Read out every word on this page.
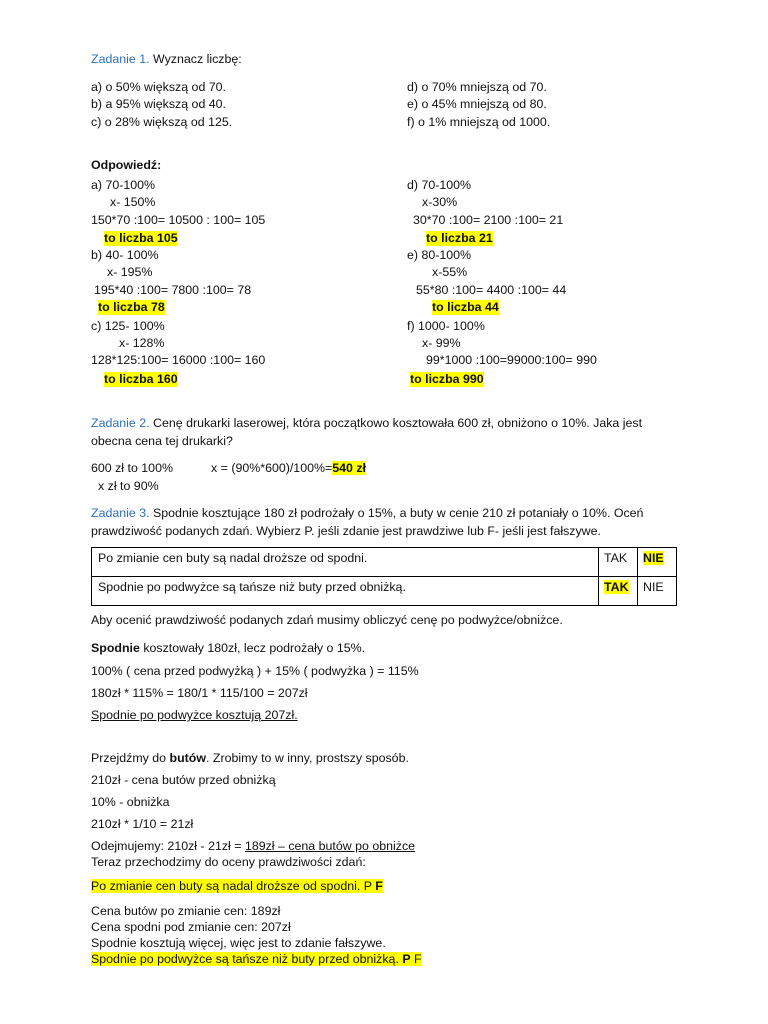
Zadanie 1. Wyznacz liczbę:
a) o 50% większą od 70.
b) a 95% większą od 40.
c) o 28% większą od 125.
d) o 70% mniejszą od 70.
e) o 45% mniejszą od 80.
f) o 1% mniejszą od 1000.
Odpowiedź:
a) 70-100%
x- 150%
150*70 :100= 10500 : 100= 105
to liczba 105
b) 40- 100%
x- 195%
195*40 :100= 7800 :100= 78
to liczba 78
c) 125- 100%
x- 128%
128*125:100= 16000 :100= 160
to liczba 160
d) 70-100%
x-30%
30*70 :100= 2100 :100= 21
to liczba 21
e) 80-100%
x-55%
55*80 :100= 4400 :100= 44
to liczba 44
f) 1000- 100%
x- 99%
99*1000 :100=99000:100= 990
to liczba 990
Zadanie 2. Cenę drukarki laserowej, która początkowo kosztowała 600 zł, obniżono o 10%. Jaka jest
obecna cena tej drukarki?
600 zł to 100%	x = (90%*600)/100%=540 zł
x zł to 90%
Zadanie 3. Spodnie kosztujące 180 zł podrożały o 15%, a buty w cenie 210 zł potaniały o 10%. Oceń
prawdziwość podanych zdań. Wybierz P. jeśli zdanie jest prawdziwe lub F- jeśli jest fałszywe.
Po zmianie cen buty są nadal droższe od spodni.	TAK	NIE
Spodnie po podwyżce są tańsze niż buty przed obniżką.	TAK	NIE
Aby ocenić prawdziwość podanych zdań musimy obliczyć cenę po podwyżce/obniżce.
Spodnie kosztowały 180zł, lecz podrożały o 15%.
100% ( cena przed podwyżką ) + 15% ( podwyżka ) = 115%
180zł * 115% = 180/1 * 115/100 = 207zł
Spodnie po podwyżce kosztują 207zł.
Przejdźmy do butów. Zrobimy to w inny, prostszy sposób.
210zł - cena butów przed obniżką
10% - obniżka
210zł * 1/10 = 21zł
Odejmujemy: 210zł - 21zł = 189zł – cena butów po obniżce
Teraz przechodzimy do oceny prawdziwości zdań:
Po zmianie cen buty są nadal droższe od spodni. P F
Cena butów po zmianie cen: 189zł
Cena spodni pod zmianie cen: 207zł
Spodnie kosztują więcej, więc jest to zdanie fałszywe.
Spodnie po podwyżce są tańsze niż buty przed obniżką. P F
